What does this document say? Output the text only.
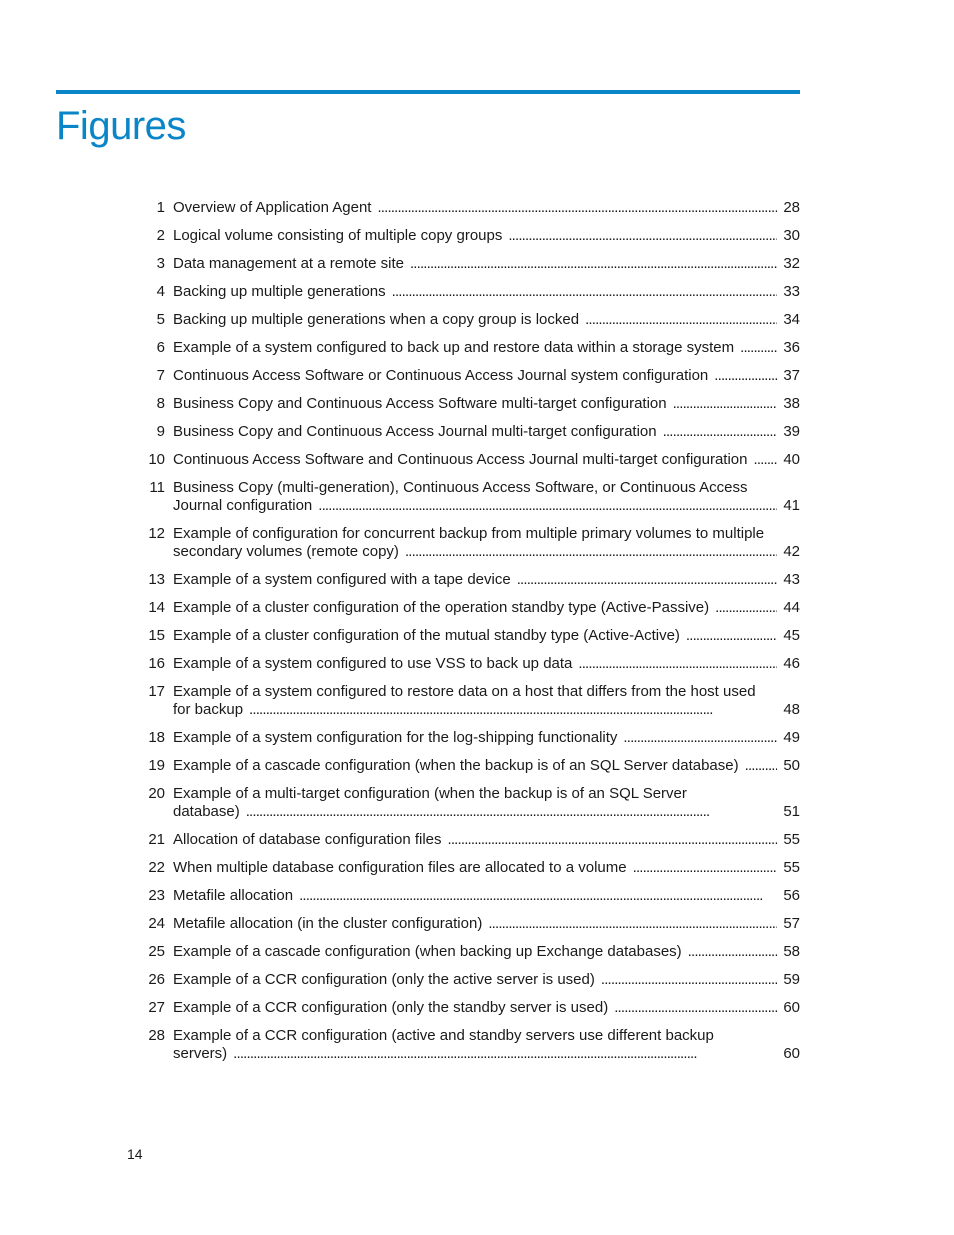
Figures
1 Overview of Application Agent . . .	28
2 Logical volume consisting of multiple copy groups . . .	30
3 Data management at a remote site . . .	32
4 Backing up multiple generations . . .	33
5 Backing up multiple generations when a copy group is locked . . .	34
6 Example of a system configured to back up and restore data within a storage system . . .	36
7 Continuous Access Software or Continuous Access Journal system configuration . . .	37
8 Business Copy and Continuous Access Software multi-target configuration . . .	38
9 Business Copy and Continuous Access Journal multi-target configuration . . .	39
10 Continuous Access Software and Continuous Access Journal multi-target configuration . . . 40
11 Business Copy (multi-generation), Continuous Access Software, or Continuous Access
Journal configuration . . .	41
12 Example of configuration for concurrent backup from multiple primary volumes to multiple
secondary volumes (remote copy) . . .	42
13 Example of a system configured with a tape device . . .	43
14 Example of a cluster configuration of the operation standby type (Active-Passive) . . .	44
15 Example of a cluster configuration of the mutual standby type (Active-Active) . . .	45
16 Example of a system configured to use VSS to back up data . . .	46
17 Example of a system configured to restore data on a host that differs from the host used
for backup . . .	48
18 Example of a system configuration for the log-shipping functionality . . .	49
19 Example of a cascade configuration (when the backup is of an SQL Server database) . . .	50
20 Example of a multi-target configuration (when the backup is of an SQL Server
database) . . .	51
21 Allocation of database configuration files . . .	55
22 When multiple database configuration files are allocated to a volume . . .	55
23 Metafile allocation . . .	56
24 Metafile allocation (in the cluster configuration) . . .	57
25 Example of a cascade configuration (when backing up Exchange databases) . . .	58
26 Example of a CCR configuration (only the active server is used) . . .	59
27 Example of a CCR configuration (only the standby server is used) . . .	60
28 Example of a CCR configuration (active and standby servers use different backup
servers) . . .	60
14
